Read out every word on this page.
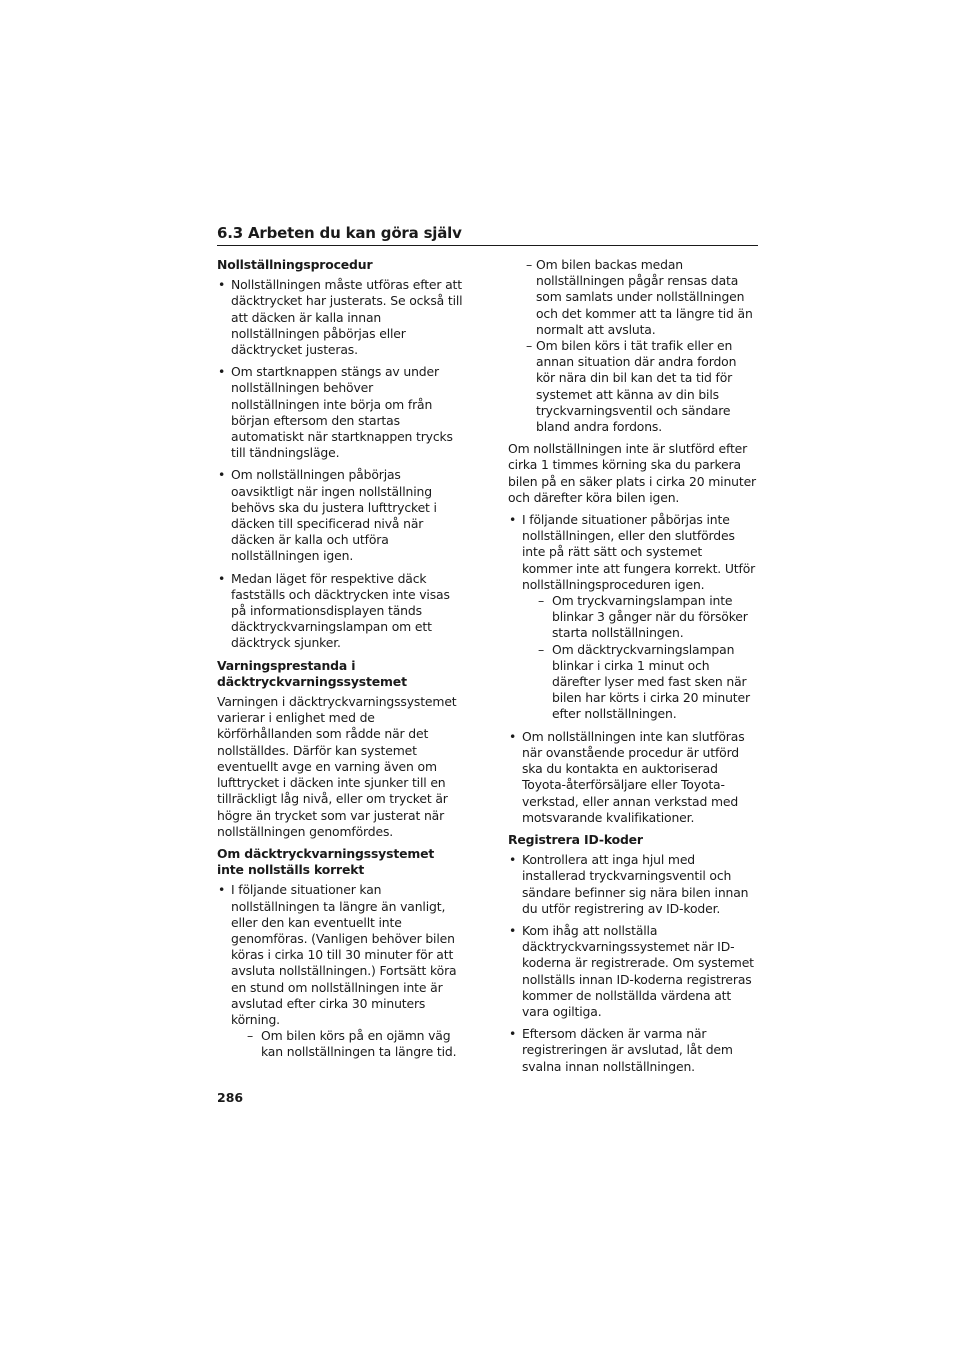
6.3 Arbeten du kan göra själv
Nollställningsprocedur
• Nollställningen måste utföras efter att däcktrycket har justerats. Se också till att däcken är kalla innan nollställningen påbörjas eller däcktrycket justeras.
• Om startknappen stängs av under nollställningen behöver nollställningen inte börja om från början eftersom den startas automatiskt när startknappen trycks till tändningsläge.
• Om nollställningen påbörjas oavsiktligt när ingen nollställning behövs ska du justera lufttrycket i däcken till specificerad nivå när däcken är kalla och utföra nollställningen igen.
• Medan läget för respektive däck fastställs och däcktrycken inte visas på informationsdisplayen tänds däcktryckvarningslampan om ett däcktryck sjunker.
Varningsprestanda i däcktryckvarningssystemet

Varningen i däcktryckvarningssystemet varierar i enlighet med de körförhållanden som rådde när det nollställdes. Därför kan systemet eventuellt avge en varning även om lufttrycket i däcken inte sjunker till en tillräckligt låg nivå, eller om trycket är högre än trycket som var justerat när nollställningen genomfördes.

Om däcktryckvarningssystemet inte nollställs korrekt
• I följande situationer kan nollställningen ta längre än vanligt, eller den kan eventuellt inte genomföras. (Vanligen behöver bilen köras i cirka 10 till 30 minuter för att avsluta nollställningen.) Fortsätt köra en stund om nollställningen inte är avslutad efter cirka 30 minuters körning.
– Om bilen körs på en ojämn väg kan nollställningen ta längre tid.
– Om bilen backas medan nollställningen pågår rensas data som samlats under nollställningen och det kommer att ta längre tid än normalt att avsluta.
– Om bilen körs i tät trafik eller en annan situation där andra fordon kör nära din bil kan det ta tid för systemet att känna av din bils tryckvarningsventil och sändare bland andra fordons.

Om nollställningen inte är slutförd efter cirka 1 timmes körning ska du parkera bilen på en säker plats i cirka 20 minuter och därefter köra bilen igen.

• I följande situationer påbörjas inte nollställningen, eller den slutfördes inte på rätt sätt och systemet kommer inte att fungera korrekt. Utför nollställningsproceduren igen.
– Om tryckvarningslampan inte blinkar 3 gånger när du försöker starta nollställningen.
– Om däcktryckvarningslampan blinkar i cirka 1 minut och därefter lyser med fast sken när bilen har körts i cirka 20 minuter efter nollställningen.
• Om nollställningen inte kan slutföras när ovanstående procedur är utförd ska du kontakta en auktoriserad Toyota-återförsäljare eller Toyota-verkstad, eller annan verkstad med motsvarande kvalifikationer.
Registrera ID-koder
• Kontrollera att inga hjul med installerad tryckvarningsventil och sändare befinner sig nära bilen innan du utför registrering av ID-koder.
• Kom ihåg att nollställa däcktryckvarningssystemet när ID-koderna är registrerade. Om systemet nollställs innan ID-koderna registreras kommer de nollställda värdena att vara ogiltiga.
• Eftersom däcken är varma när registreringen är avslutad, låt dem svalna innan nollställningen.
286
